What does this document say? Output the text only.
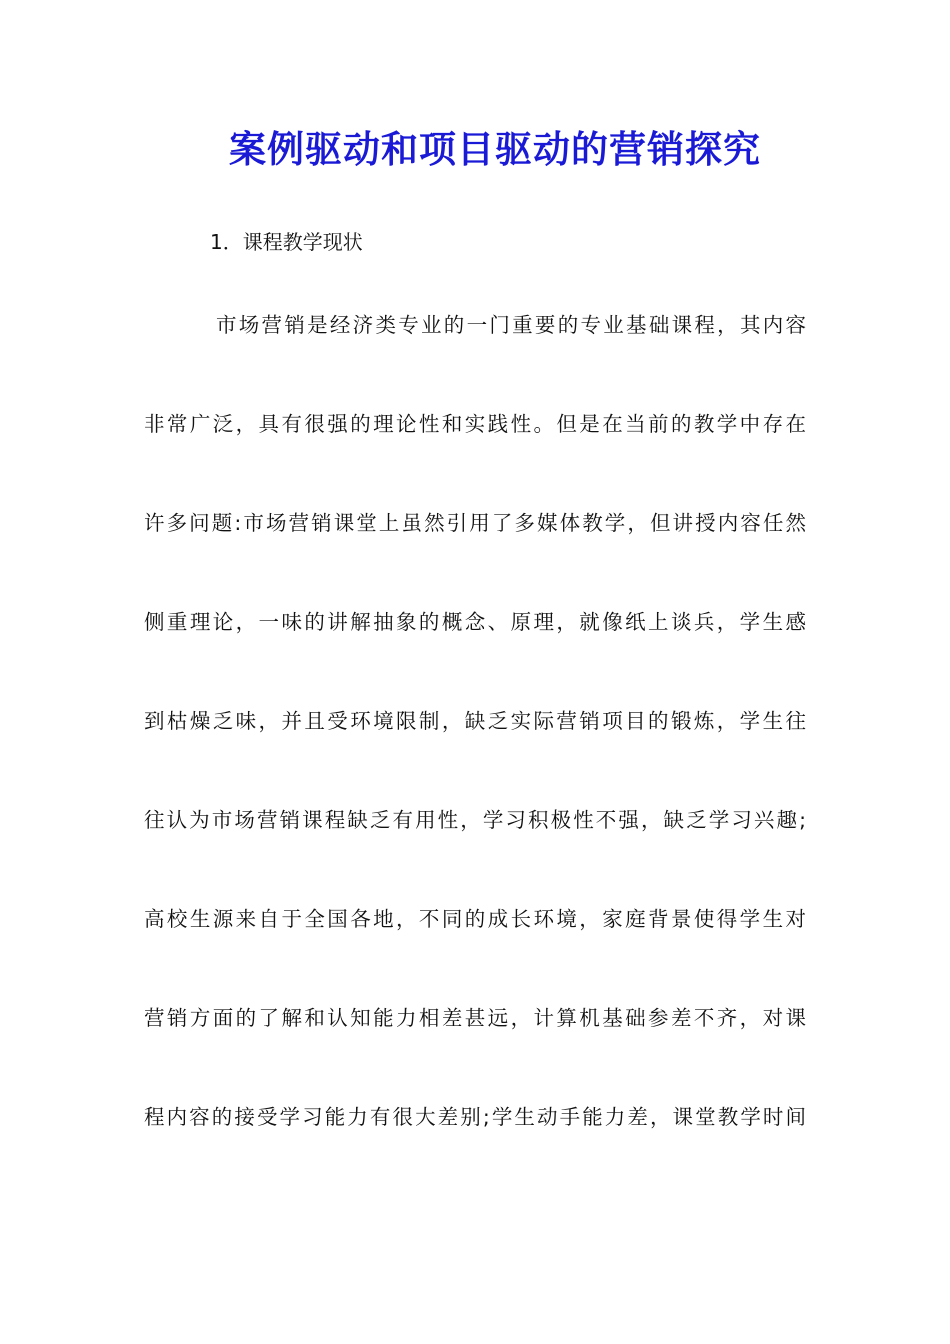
案例驱动和项目驱动的营销探究
1．课程教学现状
市场营销是经济类专业的一门重要的专业基础课程，其内容
非常广泛，具有很强的理论性和实践性。但是在当前的教学中存在
许多问题:市场营销课堂上虽然引用了多媒体教学，但讲授内容任然
侧重理论，一味的讲解抽象的概念、原理，就像纸上谈兵，学生感
到枯燥乏味，并且受环境限制，缺乏实际营销项目的锻炼，学生往
往认为市场营销课程缺乏有用性，学习积极性不强，缺乏学习兴趣;
高校生源来自于全国各地，不同的成长环境，家庭背景使得学生对
营销方面的了解和认知能力相差甚远，计算机基础参差不齐，对课
程内容的接受学习能力有很大差别;学生动手能力差，课堂教学时间
